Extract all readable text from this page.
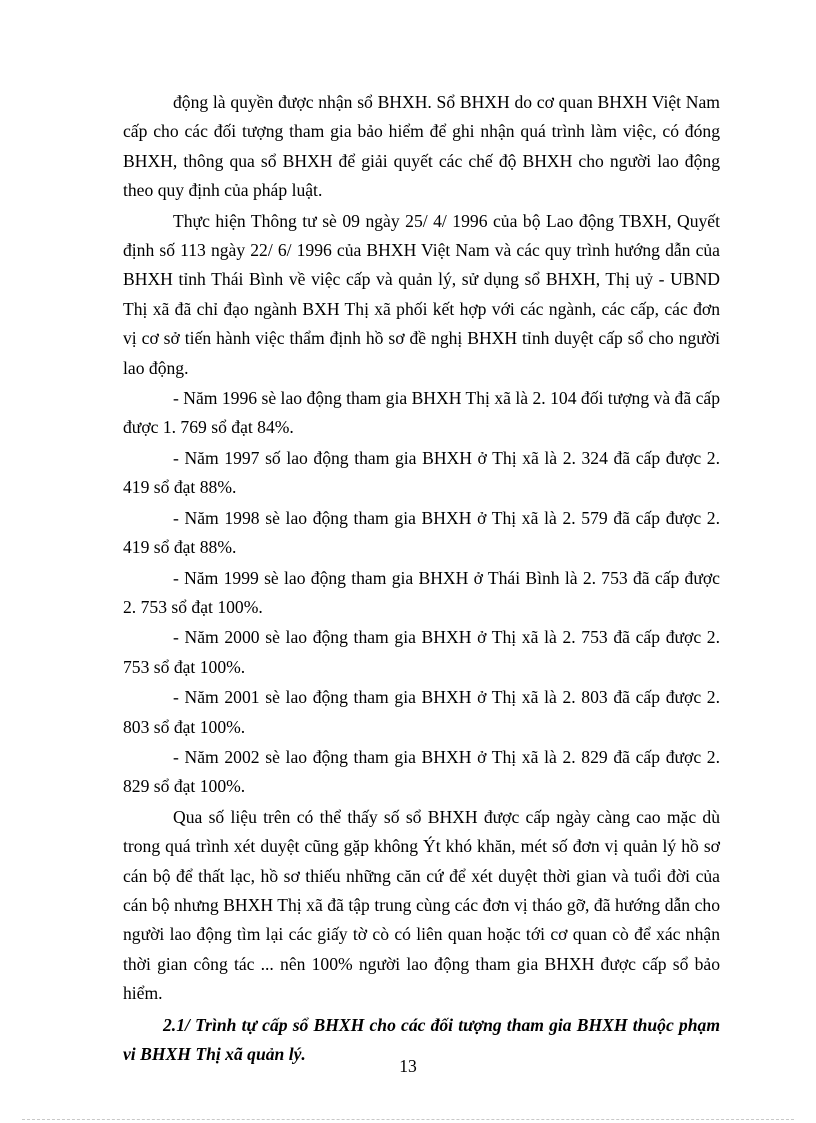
động là quyền được nhận sổ BHXH. Sổ BHXH do cơ quan BHXH Việt Nam cấp cho các đối tượng tham gia bảo hiểm để ghi nhận quá trình làm việc, có đóng BHXH, thông qua sổ BHXH để giải quyết các chế độ BHXH cho người lao động theo quy định của pháp luật.

Thực hiện Thông tư sè 09 ngày 25/ 4/ 1996 của bộ Lao động TBXH, Quyết định số 113 ngày 22/ 6/ 1996 của BHXH Việt Nam và các quy trình hướng dẫn của BHXH tỉnh Thái Bình về việc cấp và quản lý, sử dụng sổ BHXH, Thị uỷ - UBND Thị xã đã chỉ đạo ngành BXH Thị xã phối kết hợp với các ngành, các cấp, các đơn vị cơ sở tiến hành việc thẩm định hồ sơ đề nghị BHXH tỉnh duyệt cấp sổ cho người lao động.

- Năm 1996 sè lao động tham gia BHXH Thị xã là 2. 104 đối tượng và đã cấp được 1. 769 sổ đạt 84%.

- Năm 1997 số lao động tham gia BHXH ở Thị xã là 2. 324 đã cấp được 2. 419 sổ đạt 88%.

- Năm 1998 sè lao động tham gia BHXH ở Thị xã là 2. 579 đã cấp được 2. 419 sổ đạt 88%.

- Năm 1999 sè lao động tham gia BHXH ở Thái Bình là 2. 753 đã cấp được 2. 753 sổ đạt 100%.

- Năm 2000 sè lao động tham gia BHXH ở Thị xã là 2. 753 đã cấp được 2. 753 sổ đạt 100%.

- Năm 2001 sè lao động tham gia BHXH ở Thị xã là 2. 803 đã cấp được 2. 803 sổ đạt 100%.

- Năm 2002 sè lao động tham gia BHXH ở Thị xã là 2. 829 đã cấp được 2. 829 sổ đạt 100%.

Qua số liệu trên có thể thấy số sổ BHXH được cấp ngày càng cao mặc dù trong quá trình xét duyệt cũng gặp không Ýt khó khăn, mét số đơn vị quản lý hồ sơ cán bộ để thất lạc, hồ sơ thiếu những căn cứ để xét duyệt thời gian và tuổi đời của cán bộ nhưng BHXH Thị xã đã tập trung cùng các đơn vị tháo gỡ, đã hướng dẫn cho người lao động tìm lại các giấy tờ cò có liên quan hoặc tới cơ quan cò để xác nhận thời gian công tác ... nên 100% người lao động tham gia BHXH được cấp sổ bảo hiểm.

2.1/ Trình tự cấp sổ BHXH cho các đối tượng tham gia BHXH thuộc phạm vi BHXH Thị xã quản lý.

13
